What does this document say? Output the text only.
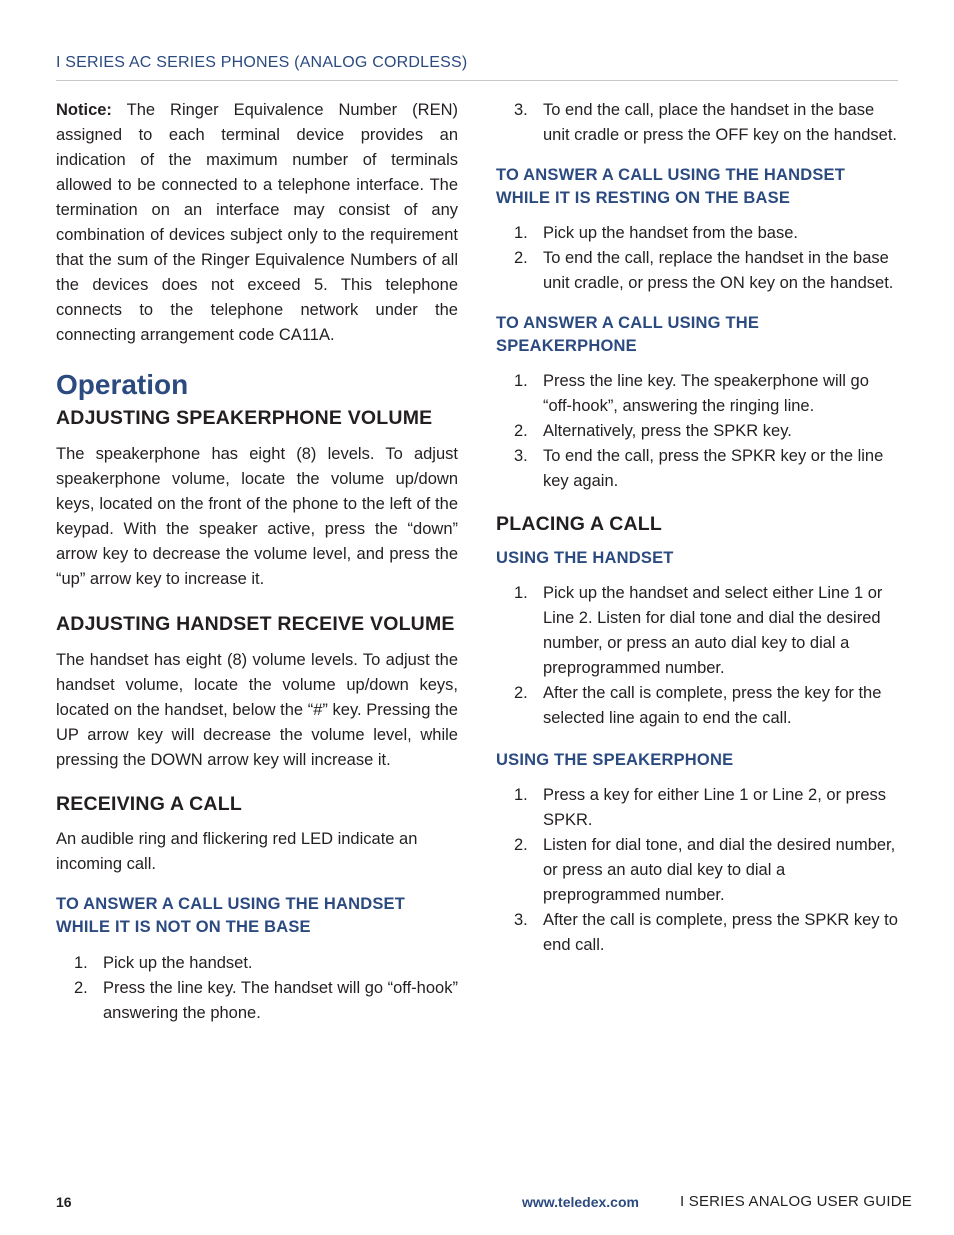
I SERIES AC SERIES PHONES (ANALOG CORDLESS)

Notice: The Ringer Equivalence Number (REN) assigned to each terminal device provides an indication of the maximum number of terminals allowed to be connected to a telephone interface. The termination on an interface may consist of any combination of devices subject only to the requirement that the sum of the Ringer Equivalence Numbers of all the devices does not exceed 5. This telephone connects to the telephone network under the connecting arrangement code CA11A.

Operation
ADJUSTING SPEAKERPHONE VOLUME

The speakerphone has eight (8) levels. To adjust speakerphone volume, locate the volume up/down keys, located on the front of the phone to the left of the keypad. With the speaker active, press the “down” arrow key to decrease the volume level, and press the “up” arrow key to increase it.

ADJUSTING HANDSET RECEIVE VOLUME

The handset has eight (8) volume levels. To adjust the handset volume, locate the volume up/down keys, located on the handset, below the “#” key. Pressing the UP arrow key will decrease the volume level, while pressing the DOWN arrow key will increase it.

RECEIVING A CALL

An audible ring and flickering red LED indicate an incoming call.

TO ANSWER A CALL USING THE HANDSET WHILE IT IS NOT ON THE BASE
1. Pick up the handset.
2. Press the line key. The handset will go “off-hook” answering the phone.
3. To end the call, place the handset in the base unit cradle or press the OFF key on the handset.
TO ANSWER A CALL USING THE HANDSET WHILE IT IS RESTING ON THE BASE
1. Pick up the handset from the base.
2. To end the call, replace the handset in the base unit cradle, or press the ON key on the handset.
TO ANSWER A CALL USING THE SPEAKERPHONE
1. Press the line key. The speakerphone will go “off-hook”, answering the ringing line.
2. Alternatively, press the SPKR key.
3. To end the call, press the SPKR key or the line key again.
PLACING A CALL
USING THE HANDSET
1. Pick up the handset and select either Line 1 or Line 2. Listen for dial tone and dial the desired number, or press an auto dial key to dial a preprogrammed number.
2. After the call is complete, press the key for the selected line again to end the call.
USING THE SPEAKERPHONE
1. Press a key for either Line 1 or Line 2, or press SPKR.
2. Listen for dial tone, and dial the desired number, or press an auto dial key to dial a preprogrammed number.
3. After the call is complete, press the SPKR key to end call.
16	www.teledex.com	I SERIES ANALOG USER GUIDE
